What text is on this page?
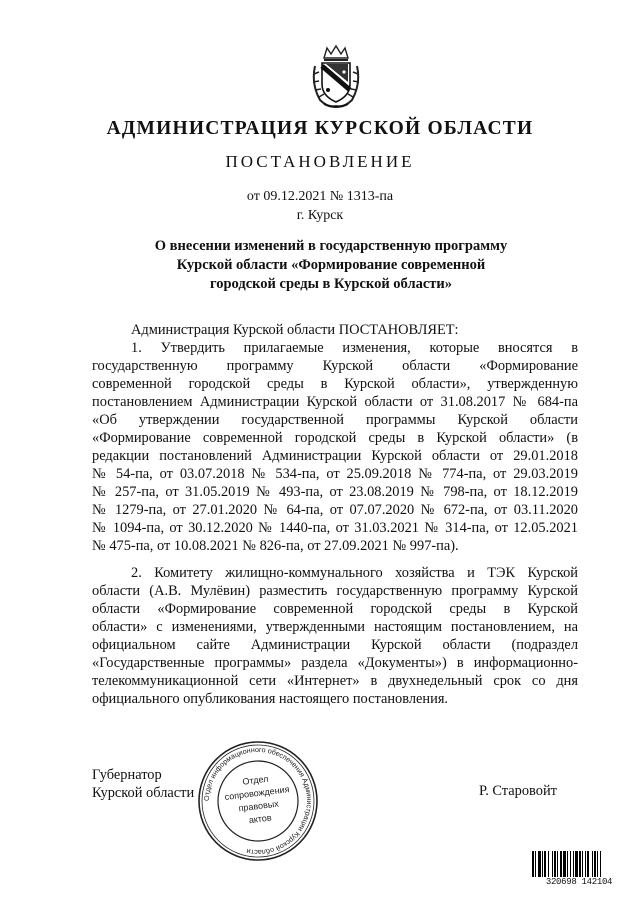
АДМИНИСТРАЦИЯ КУРСКОЙ ОБЛАСТИ
ПОСТАНОВЛЕНИЕ
от 09.12.2021 № 1313-па
г. Курск
О внесении изменений в государственную программу
Курской области «Формирование современной
городской среды в Курской области»
Администрация Курской области ПОСТАНОВЛЯЕТ:
1. Утвердить прилагаемые изменения, которые вносятся в
государственную программу Курской области «Формирование
современной городской среды в Курской области», утвержденную
постановлением Администрации Курской области от 31.08.2017 № 684-па
«Об утверждении государственной программы Курской области
«Формирование современной городской среды в Курской области» (в
редакции постановлений Администрации Курской области от 29.01.2018
№ 54-па, от 03.07.2018 № 534-па, от 25.09.2018 № 774-па, от 29.03.2019
№ 257-па, от 31.05.2019 № 493-па, от 23.08.2019 № 798-па, от 18.12.2019
№ 1279-па, от 27.01.2020 № 64-па, от 07.07.2020 № 672-па, от 03.11.2020
№ 1094-па, от 30.12.2020 № 1440-па, от 31.03.2021 № 314-па, от 12.05.2021
№ 475-па, от 10.08.2021 № 826-па, от 27.09.2021 № 997-па).
2. Комитету жилищно-коммунального хозяйства и ТЭК Курской
области (А.В. Мулёвин) разместить государственную программу Курской
области «Формирование современной городской среды в Курской
области» с изменениями, утвержденными настоящим постановлением, на
официальном сайте Администрации Курской области (подраздел
«Государственные программы» раздела «Документы») в информационно-
телекоммуникационной сети «Интернет» в двухнедельный срок со дня
официального опубликования настоящего постановления.
Губернатор
Курской области	Р. Старовойт
Отдел информационного обеспечения Администрации Курской области
Отдел
сопровождения
правовых
актов
320698 142104
